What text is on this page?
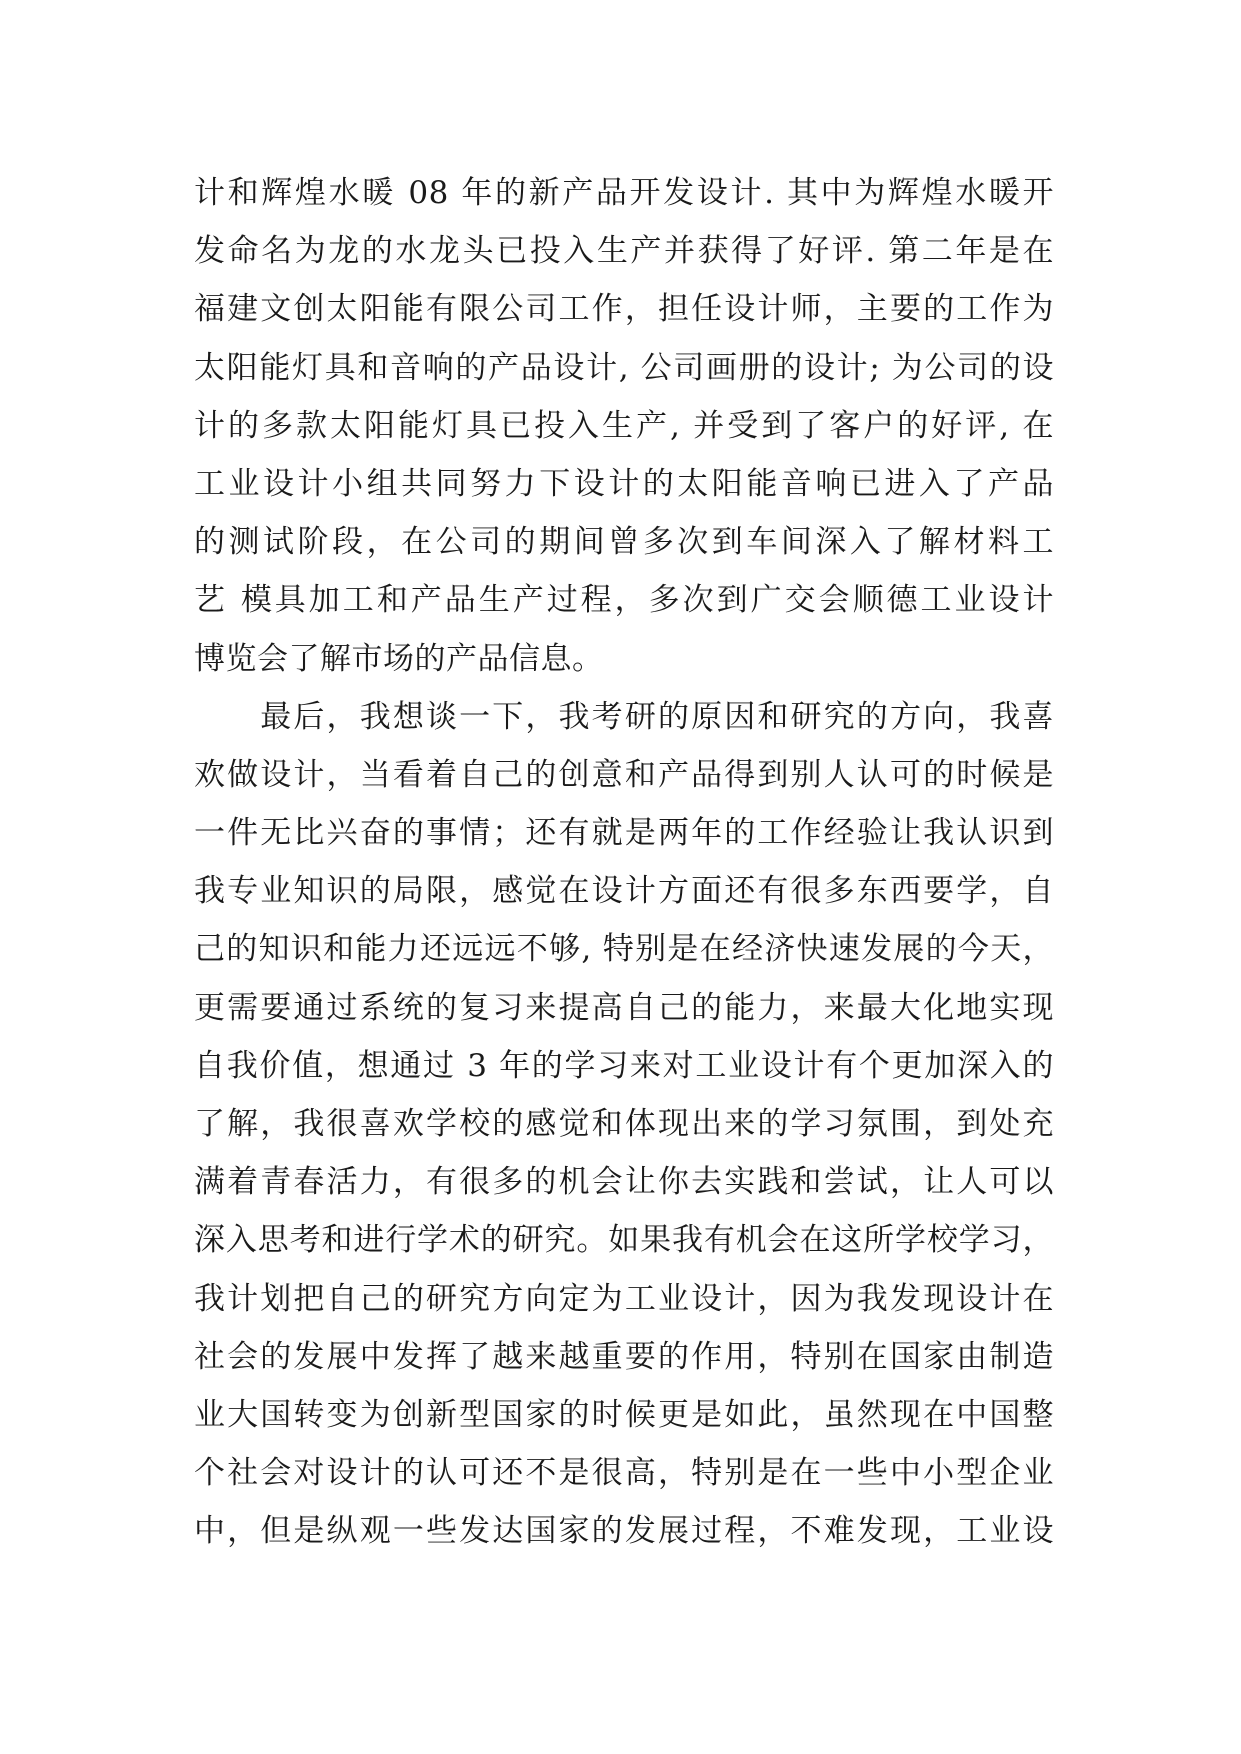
计和辉煌水暖 08 年的新产品开发设计. 其中为辉煌水暖开
发命名为龙的水龙头已投入生产并获得了好评. 第二年是在
福建文创太阳能有限公司工作，担任设计师，主要的工作为
太阳能灯具和音响的产品设计, 公司画册的设计; 为公司的设
计的多款太阳能灯具已投入生产, 并受到了客户的好评, 在
工业设计小组共同努力下设计的太阳能音响已进入了产品
的测试阶段，在公司的期间曾多次到车间深入了解材料工
艺 模具加工和产品生产过程，多次到广交会顺德工业设计
博览会了解市场的产品信息。
　　最后，我想谈一下，我考研的原因和研究的方向，我喜
欢做设计，当看着自己的创意和产品得到别人认可的时候是
一件无比兴奋的事情；还有就是两年的工作经验让我认识到
我专业知识的局限，感觉在设计方面还有很多东西要学，自
己的知识和能力还远远不够, 特别是在经济快速发展的今天，
更需要通过系统的复习来提高自己的能力，来最大化地实现
自我价值，想通过 3 年的学习来对工业设计有个更加深入的
了解，我很喜欢学校的感觉和体现出来的学习氛围，到处充
满着青春活力，有很多的机会让你去实践和尝试，让人可以
深入思考和进行学术的研究。如果我有机会在这所学校学习，
我计划把自己的研究方向定为工业设计，因为我发现设计在
社会的发展中发挥了越来越重要的作用，特别在国家由制造
业大国转变为创新型国家的时候更是如此，虽然现在中国整
个社会对设计的认可还不是很高，特别是在一些中小型企业
中，但是纵观一些发达国家的发展过程，不难发现，工业设
